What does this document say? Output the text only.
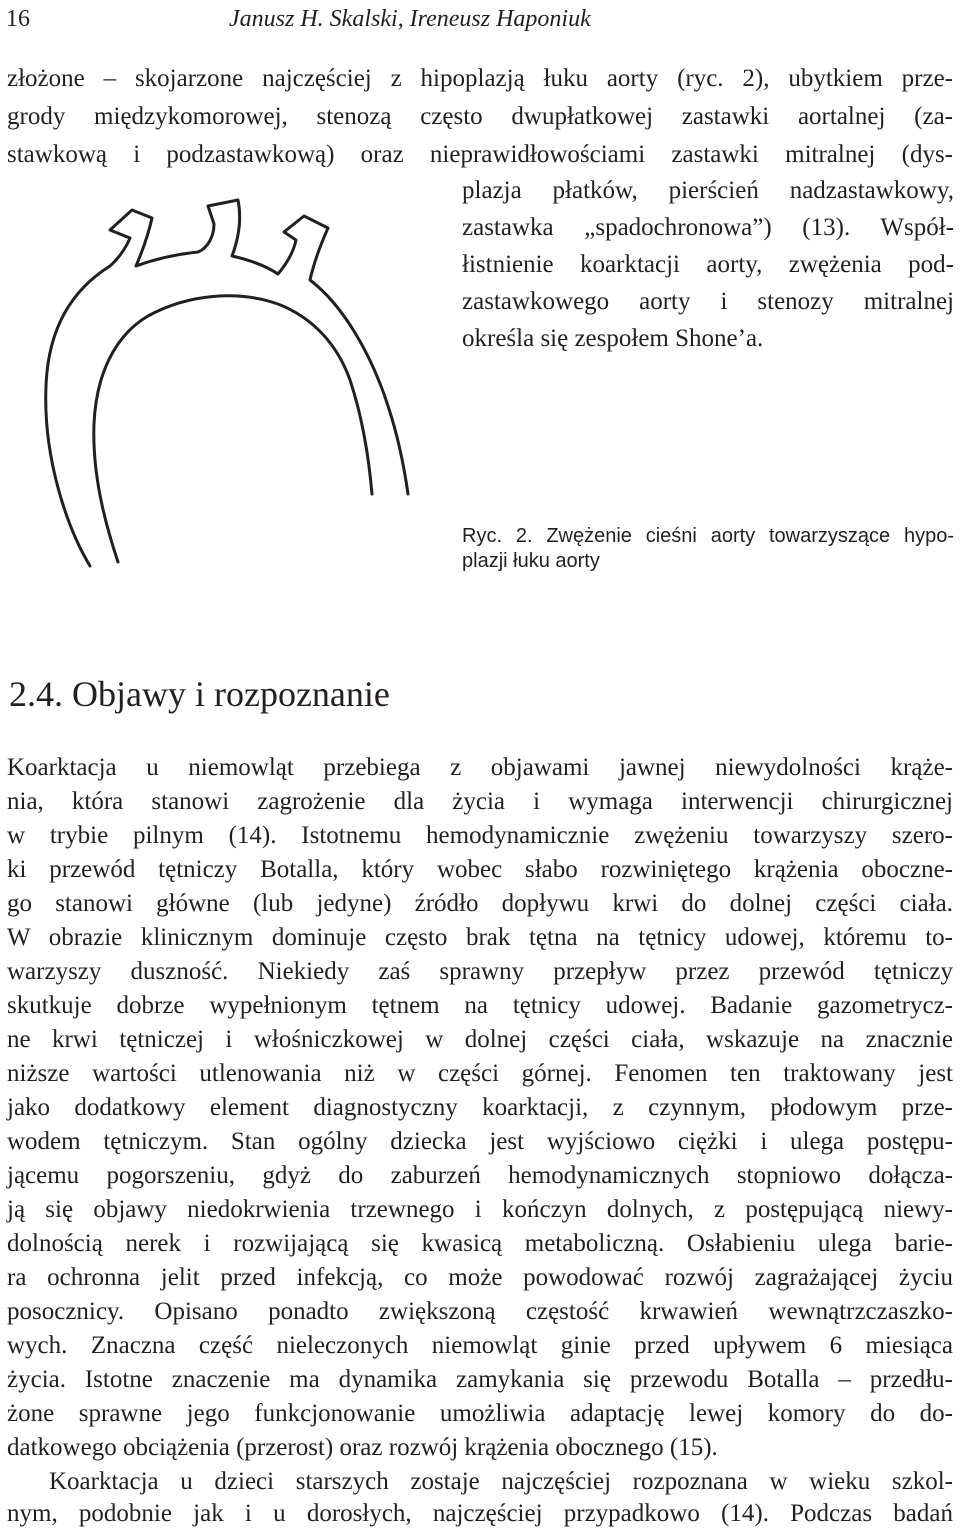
16	Janusz H. Skalski, Ireneusz Haponiuk
złożone – skojarzone najczęściej z hipoplazją łuku aorty (ryc. 2), ubytkiem prze-
grody międzykomorowej, stenozą często dwupłatkowej zastawki aortalnej (za-
stawkową i podzastawkową) oraz nieprawidłowościami zastawki mitralnej (dys-
plazja płatków, pierścień nadzastawkowy,
zastawka „spadochronowa”) (13). Współ-
łistnienie koarktacji aorty, zwężenia pod-
zastawkowego aorty i stenozy mitralnej
określa się zespołem Shone’a.
Ryc. 2. Zwężenie cieśni aorty towarzyszące hypo-
plazji łuku aorty
2.4. Objawy i rozpoznanie
Koarktacja u niemowląt przebiega z objawami jawnej niewydolności krąże-
nia, która stanowi zagrożenie dla życia i wymaga interwencji chirurgicznej
w trybie pilnym (14). Istotnemu hemodynamicznie zwężeniu towarzyszy szero-
ki przewód tętniczy Botalla, który wobec słabo rozwiniętego krążenia oboczne-
go stanowi główne (lub jedyne) źródło dopływu krwi do dolnej części ciała.
W obrazie klinicznym dominuje często brak tętna na tętnicy udowej, któremu to-
warzyszy duszność. Niekiedy zaś sprawny przepływ przez przewód tętniczy
skutkuje dobrze wypełnionym tętnem na tętnicy udowej. Badanie gazometrycz-
ne krwi tętniczej i włośniczkowej w dolnej części ciała, wskazuje na znacznie
niższe wartości utlenowania niż w części górnej. Fenomen ten traktowany jest
jako dodatkowy element diagnostyczny koarktacji, z czynnym, płodowym prze-
wodem tętniczym. Stan ogólny dziecka jest wyjściowo ciężki i ulega postępu-
jącemu pogorszeniu, gdyż do zaburzeń hemodynamicznych stopniowo dołącza-
ją się objawy niedokrwienia trzewnego i kończyn dolnych, z postępującą niewy-
dolnością nerek i rozwijającą się kwasicą metaboliczną. Osłabieniu ulega barie-
ra ochronna jelit przed infekcją, co może powodować rozwój zagrażającej życiu
posocznicy. Opisano ponadto zwiększoną częstość krwawień wewnątrzczaszko-
wych. Znaczna część nieleczonych niemowląt ginie przed upływem 6 miesiąca
życia. Istotne znaczenie ma dynamika zamykania się przewodu Botalla – przedłu-
żone sprawne jego funkcjonowanie umożliwia adaptację lewej komory do do-
datkowego obciążenia (przerost) oraz rozwój krążenia obocznego (15).
Koarktacja u dzieci starszych zostaje najczęściej rozpoznana w wieku szkol-
nym, podobnie jak i u dorosłych, najczęściej przypadkowo (14). Podczas badań
